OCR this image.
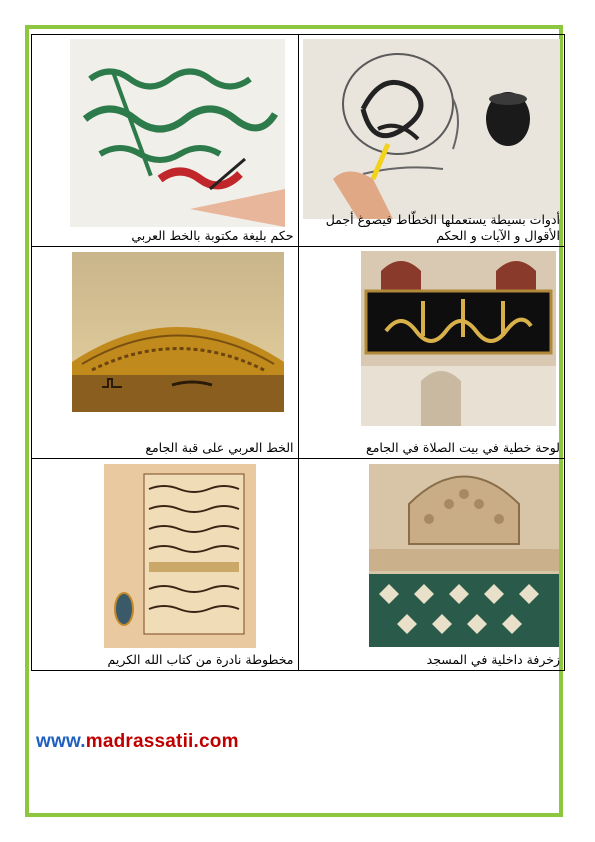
حكم بليغة مكتوبة بالخط العربي	أدوات بسيطة يستعملها الخطّاط فيصوغ أجمل الأقوال و الآيات و الحكم

الخط العربي على قبة الجامع	لوحة خطية في بيت الصلاة في الجامع

مخطوطة نادرة من كتاب الله الكريم	زخرفة داخلية في المسجد
www.madrassatii.com
